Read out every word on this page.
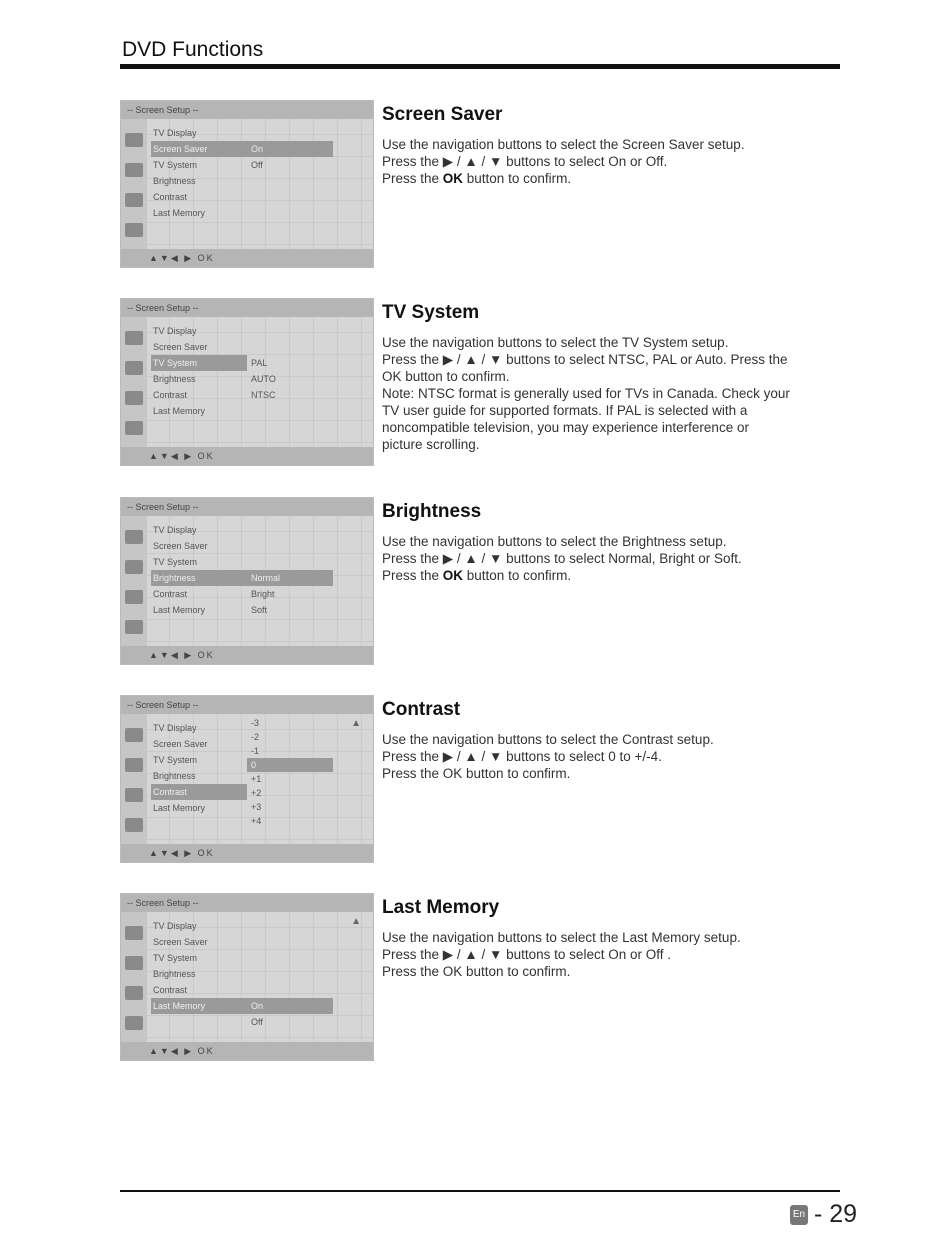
DVD Functions
-- Screen Setup --
TV Display
Screen Saver
TV System
Brightness
Contrast
Last Memory
On
Off
▲▼◀ ▶ OK
Screen Saver
Use the navigation buttons to select the Screen Saver setup.
Press the ▶ / ▲ / ▼ buttons to select On or Off.
Press the OK button to confirm.
-- Screen Setup --
TV Display
Screen Saver
TV System
Brightness
Contrast
Last Memory
PAL
AUTO
NTSC
▲▼◀ ▶ OK
TV System
Use the navigation buttons to select the TV System setup.
Press the ▶ / ▲ / ▼ buttons to select NTSC, PAL or Auto. Press the
OK button to confirm.
Note: NTSC format is generally used for TVs in Canada. Check your
TV user guide for supported formats. If PAL is selected with a
noncompatible television, you may experience interference or
picture scrolling.
-- Screen Setup --
TV Display
Screen Saver
TV System
Brightness
Contrast
Last Memory
Normal
Bright
Soft
▲▼◀ ▶ OK
Brightness
Use the navigation buttons to select the Brightness setup.
Press the ▶ / ▲ / ▼ buttons to select Normal, Bright or Soft.
Press the OK button to confirm.
-- Screen Setup --
TV Display
Screen Saver
TV System
Brightness
Contrast
Last Memory
-3
-2
-1
0
+1
+2
+3
+4
▲
▲▼◀ ▶ OK
Contrast
Use the navigation buttons to select the Contrast setup.
Press the ▶ / ▲ / ▼ buttons to select 0 to +/-4.
Press the OK button to confirm.
-- Screen Setup --
TV Display
Screen Saver
TV System
Brightness
Contrast
Last Memory	On
Off
▲
▲▼◀ ▶ OK
Last Memory
Use the navigation buttons to select the Last Memory setup.
Press the ▶ / ▲ / ▼ buttons to select On or Off .
Press the OK button to confirm.
En - 29
